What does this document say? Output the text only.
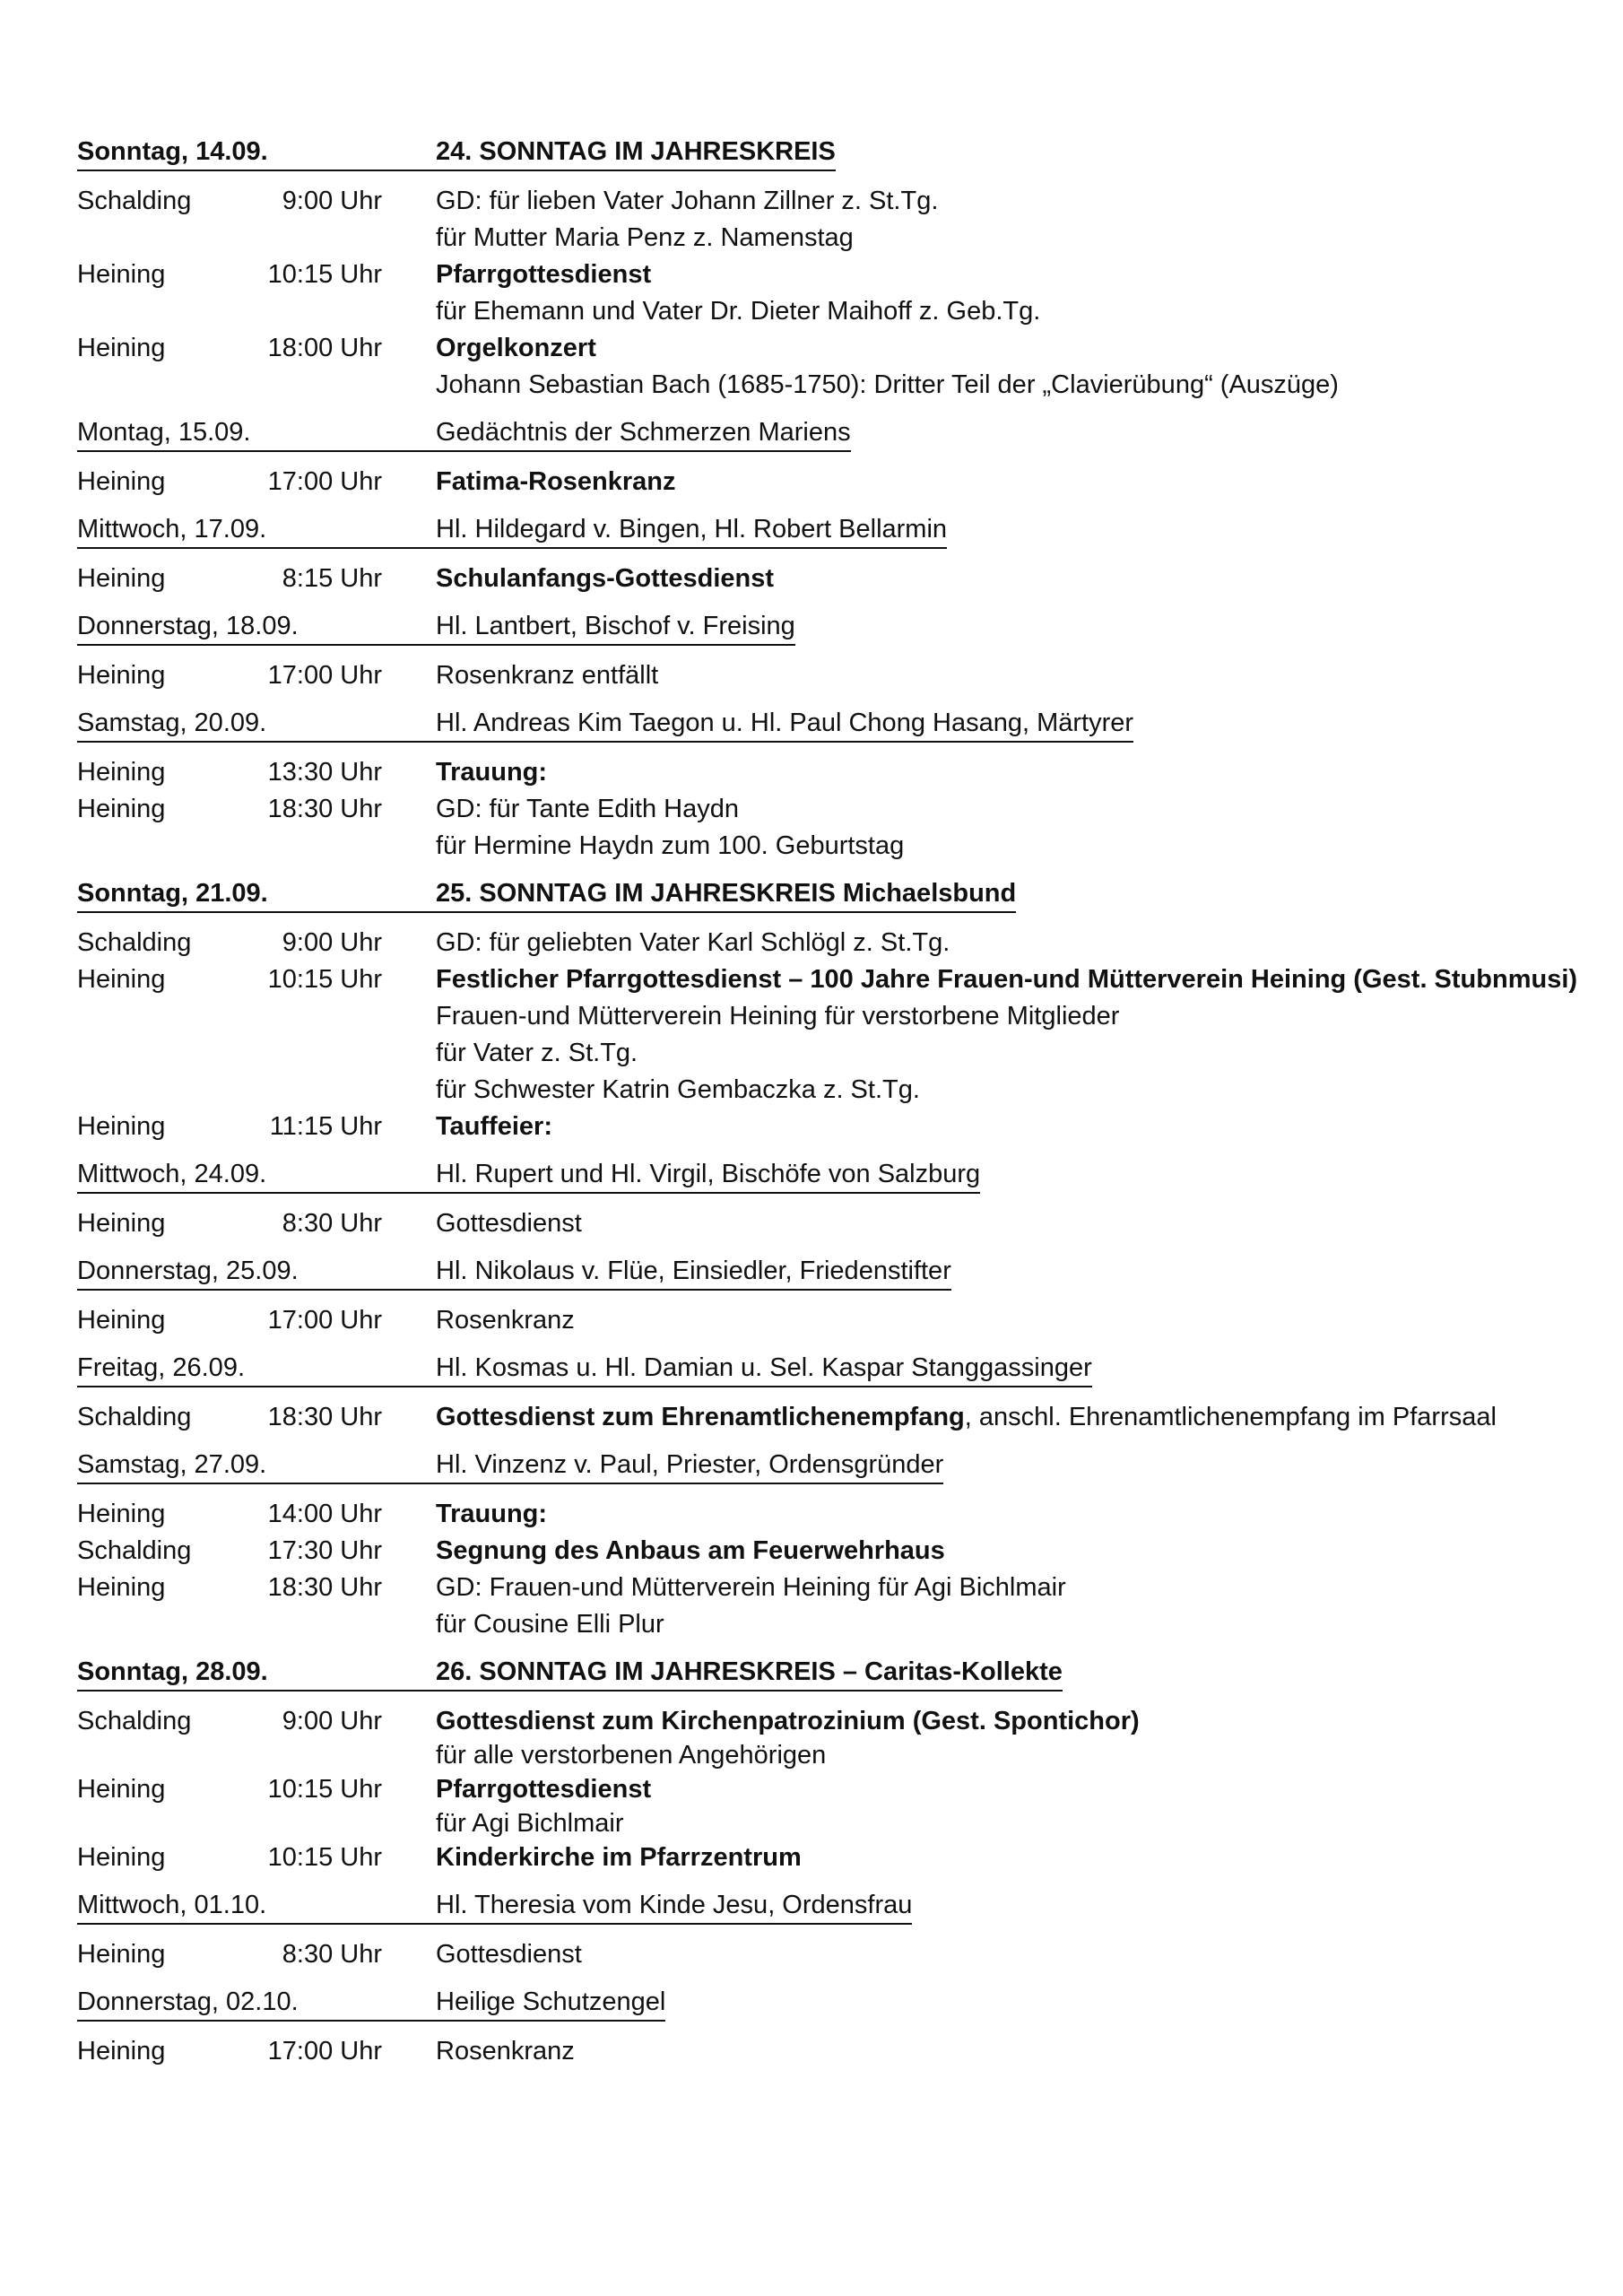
Sonntag, 14.09.	24. SONNTAG IM JAHRESKREIS
Schalding	9:00 Uhr GD: für lieben Vater Johann Zillner z. St.Tg.
für Mutter Maria Penz z. Namenstag
Heining	10:15 Uhr Pfarrgottesdienst
für Ehemann und Vater Dr. Dieter Maihoff z. Geb.Tg.
Heining	18:00 Uhr Orgelkonzert
Johann Sebastian Bach (1685-1750): Dritter Teil der „Clavierübung“ (Auszüge)
Montag, 15.09.	Gedächtnis der Schmerzen Mariens
Heining	17:00 Uhr Fatima-Rosenkranz
Mittwoch, 17.09.	Hl. Hildegard v. Bingen, Hl. Robert Bellarmin
Heining	8:15 Uhr Schulanfangs-Gottesdienst
Donnerstag, 18.09.	Hl. Lantbert, Bischof v. Freising
Heining	17:00 Uhr Rosenkranz entfällt
Samstag, 20.09.	Hl. Andreas Kim Taegon u. Hl. Paul Chong Hasang, Märtyrer
Heining	13:30 Uhr Trauung:
Heining	18:30 Uhr GD: für Tante Edith Haydn
für Hermine Haydn zum 100. Geburtstag
Sonntag, 21.09.	25. SONNTAG IM JAHRESKREIS Michaelsbund
Schalding	9:00 Uhr GD: für geliebten Vater Karl Schlögl z. St.Tg.
Heining	10:15 Uhr Festlicher Pfarrgottesdienst – 100 Jahre Frauen-und Mütterverein Heining (Gest. Stubnmusi)
Frauen-und Mütterverein Heining für verstorbene Mitglieder
für Vater z. St.Tg.
für Schwester Katrin Gembaczka z. St.Tg.
Heining	11:15 Uhr Tauffeier:
Mittwoch, 24.09.	Hl. Rupert und Hl. Virgil, Bischöfe von Salzburg
Heining	8:30 Uhr Gottesdienst
Donnerstag, 25.09.	Hl. Nikolaus v. Flüe, Einsiedler, Friedenstifter
Heining	17:00 Uhr Rosenkranz
Freitag, 26.09.	Hl. Kosmas u. Hl. Damian u. Sel. Kaspar Stanggassinger
Schalding	18:30 Uhr Gottesdienst zum Ehrenamtlichenempfang, anschl. Ehrenamtlichenempfang im Pfarrsaal
Samstag, 27.09.	Hl. Vinzenz v. Paul, Priester, Ordensgründer
Heining	14:00 Uhr Trauung:
Schalding	17:30 Uhr Segnung des Anbaus am Feuerwehrhaus
Heining	18:30 Uhr GD: Frauen-und Mütterverein Heining für Agi Bichlmair
für Cousine Elli Plur
Sonntag, 28.09.	26. SONNTAG IM JAHRESKREIS – Caritas-Kollekte
Schalding	9:00 Uhr Gottesdienst zum Kirchenpatrozinium (Gest. Spontichor)
für alle verstorbenen Angehörigen
Heining	10:15 Uhr Pfarrgottesdienst
für Agi Bichlmair
Heining	10:15 Uhr Kinderkirche im Pfarrzentrum
Mittwoch, 01.10.	Hl. Theresia vom Kinde Jesu, Ordensfrau
Heining	8:30 Uhr Gottesdienst
Donnerstag, 02.10.	Heilige Schutzengel
Heining	17:00 Uhr Rosenkranz
